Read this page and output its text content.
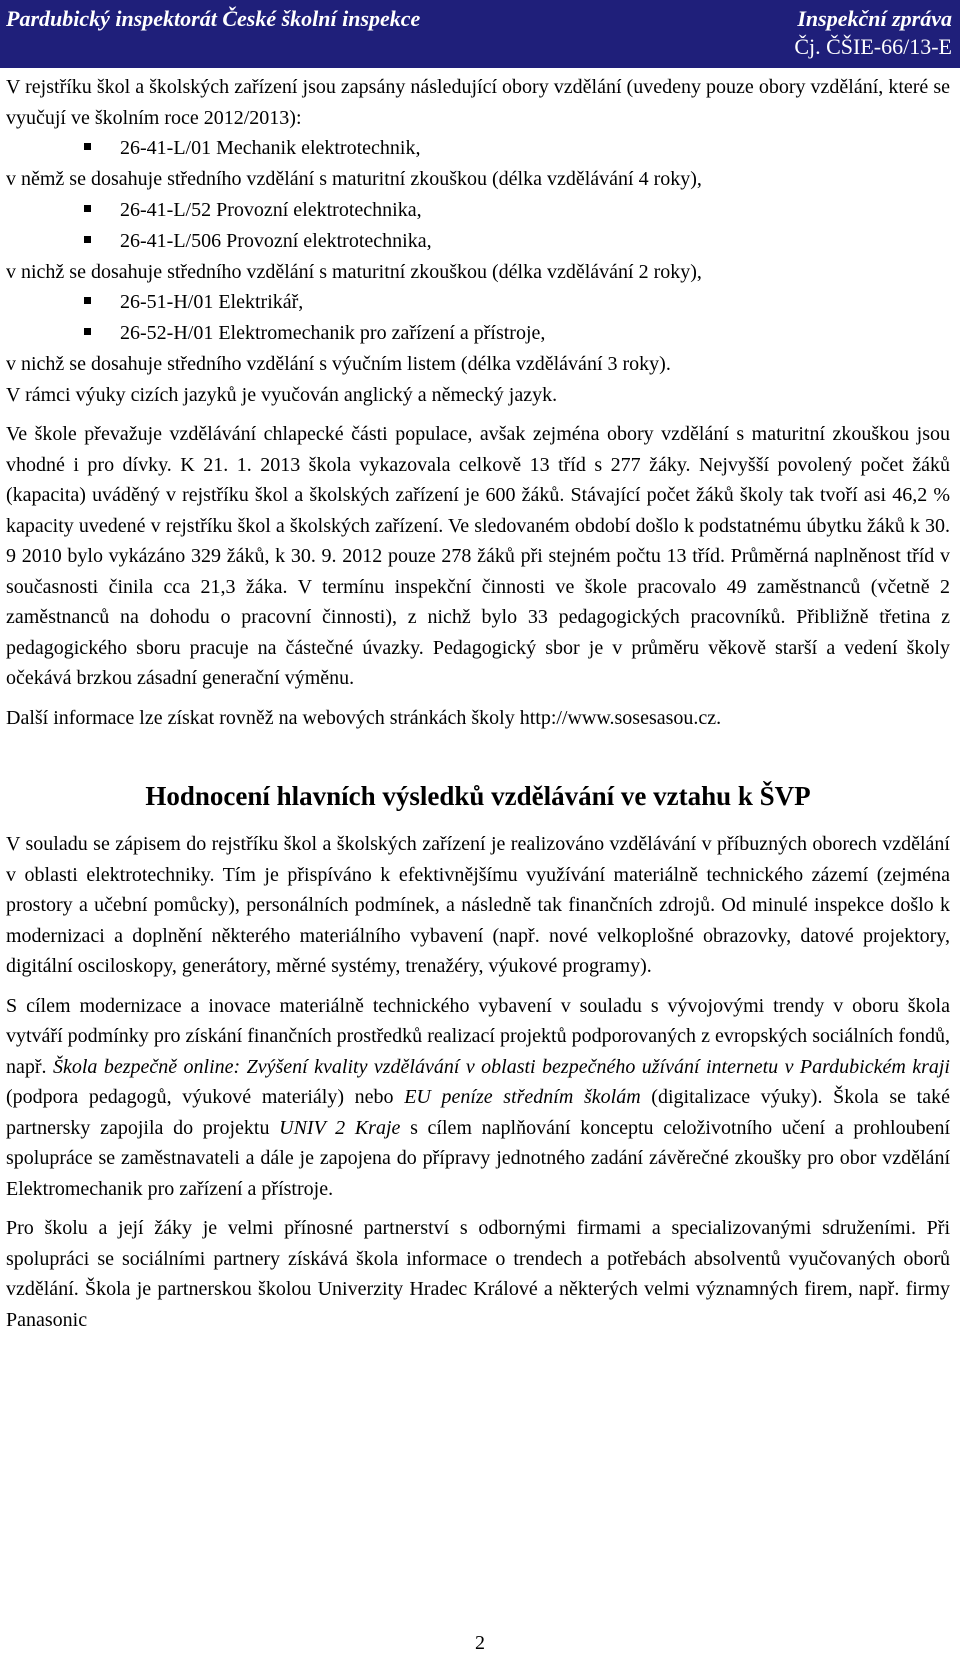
Pardubický inspektorát České školní inspekce	Inspekční zpráva
Čj. ČŠIE-66/13-E

V rejstříku škol a školských zařízení jsou zapsány následující obory vzdělání (uvedeny pouze obory vzdělání, které se vyučují ve školním roce 2012/2013):

26-41-L/01 Mechanik elektrotechnik,

v němž se dosahuje středního vzdělání s maturitní zkouškou (délka vzdělávání 4 roky),

26-41-L/52 Provozní elektrotechnika,
26-41-L/506 Provozní elektrotechnika,

v nichž se dosahuje středního vzdělání s maturitní zkouškou (délka vzdělávání 2 roky),

26-51-H/01 Elektrikář,
26-52-H/01 Elektromechanik pro zařízení a přístroje,

v nichž se dosahuje středního vzdělání s výučním listem (délka vzdělávání 3 roky).

V rámci výuky cizích jazyků je vyučován anglický a německý jazyk.

Ve škole převažuje vzdělávání chlapecké části populace, avšak zejména obory vzdělání s maturitní zkouškou jsou vhodné i pro dívky. K 21. 1. 2013 škola vykazovala celkově 13 tříd s 277 žáky. Nejvyšší povolený počet žáků (kapacita) uváděný v rejstříku škol a školských zařízení je 600 žáků. Stávající počet žáků školy tak tvoří asi 46,2 % kapacity uvedené v rejstříku škol a školských zařízení. Ve sledovaném období došlo k podstatnému úbytku žáků k 30. 9 2010 bylo vykázáno 329 žáků, k 30. 9. 2012 pouze 278 žáků při stejném počtu 13 tříd. Průměrná naplněnost tříd v současnosti činila cca 21,3 žáka. V termínu inspekční činnosti ve škole pracovalo 49 zaměstnanců (včetně 2 zaměstnanců na dohodu o pracovní činnosti), z nichž bylo 33 pedagogických pracovníků. Přibližně třetina z pedagogického sboru pracuje na částečné úvazky. Pedagogický sbor je v průměru věkově starší a vedení školy očekává brzkou zásadní generační výměnu.

Další informace lze získat rovněž na webových stránkách školy http://www.sosesasou.cz.

Hodnocení hlavních výsledků vzdělávání ve vztahu k ŠVP

V souladu se zápisem do rejstříku škol a školských zařízení je realizováno vzdělávání v příbuzných oborech vzdělání v oblasti elektrotechniky. Tím je přispíváno k efektivnějšímu využívání materiálně technického zázemí (zejména prostory a učební pomůcky), personálních podmínek, a následně tak finančních zdrojů. Od minulé inspekce došlo k modernizaci a doplnění některého materiálního vybavení (např. nové velkoplošné obrazovky, datové projektory, digitální osciloskopy, generátory, měrné systémy, trenažéry, výukové programy).

S cílem modernizace a inovace materiálně technického vybavení v souladu s vývojovými trendy v oboru škola vytváří podmínky pro získání finančních prostředků realizací projektů podporovaných z evropských sociálních fondů, např. Škola bezpečně online: Zvýšení kvality vzdělávání v oblasti bezpečného užívání internetu v Pardubickém kraji (podpora pedagogů, výukové materiály) nebo EU peníze středním školám (digitalizace výuky). Škola se také partnersky zapojila do projektu UNIV 2 Kraje s cílem naplňování konceptu celoživotního učení a prohloubení spolupráce se zaměstnavateli a dále je zapojena do přípravy jednotného zadání závěrečné zkoušky pro obor vzdělání Elektromechanik pro zařízení a přístroje.

Pro školu a její žáky je velmi přínosné partnerství s odbornými firmami a specializovanými sdruženími. Při spolupráci se sociálními partnery získává škola informace o trendech a potřebách absolventů vyučovaných oborů vzdělání. Škola je partnerskou školou Univerzity Hradec Králové a některých velmi významných firem, např. firmy Panasonic

2
